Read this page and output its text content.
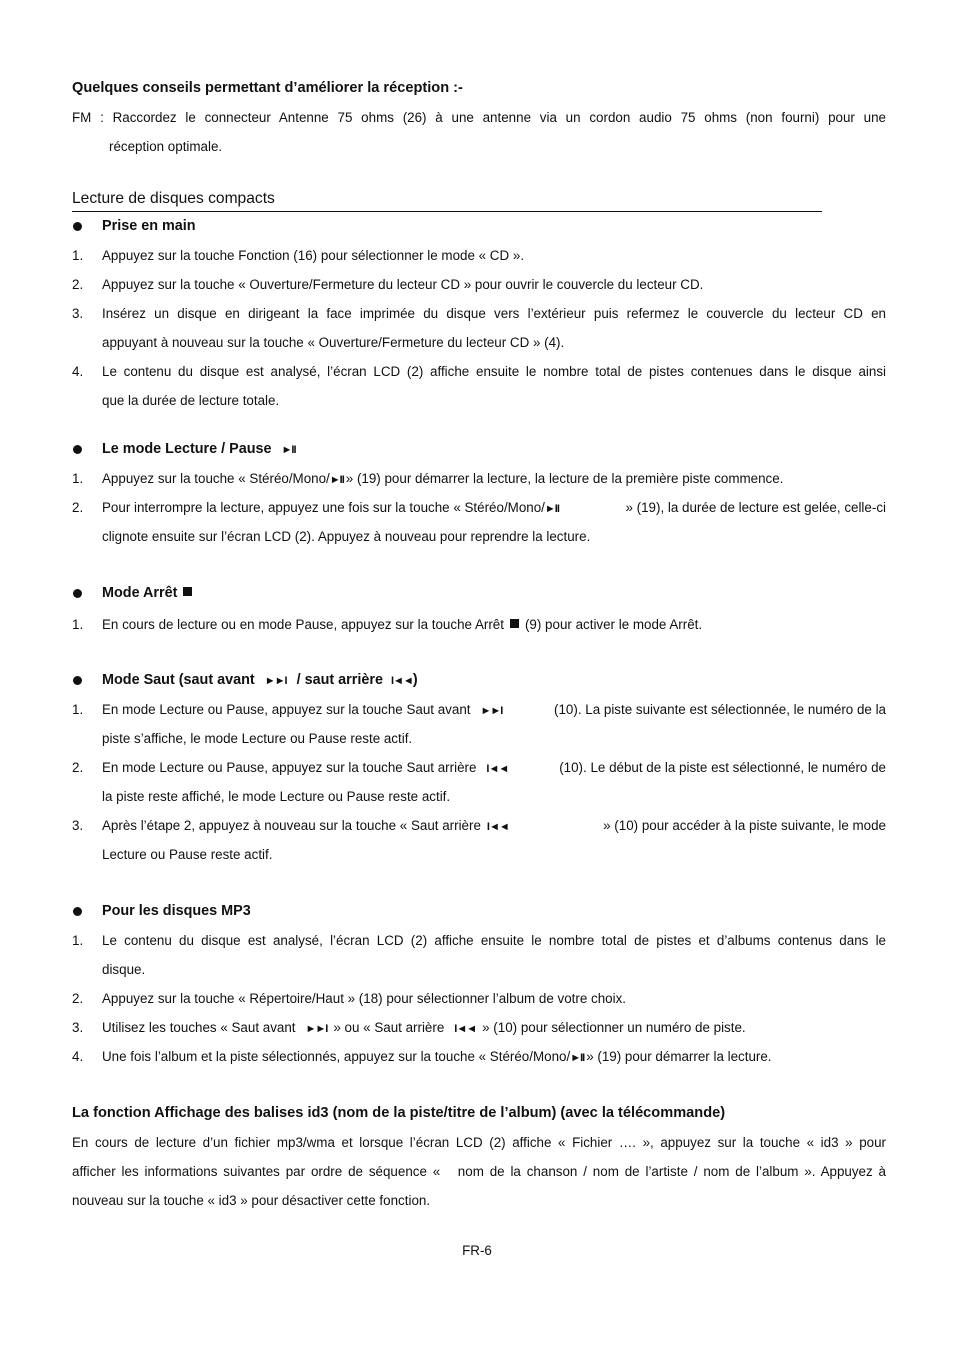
Quelques conseils permettant d’améliorer la réception :-
FM : Raccordez le connecteur Antenne 75 ohms (26) à une antenne via un cordon audio 75 ohms (non fourni) pour une
réception optimale.
Lecture de disques compacts
Prise en main
1. Appuyez sur la touche Fonction (16) pour sélectionner le mode « CD ».
2. Appuyez sur la touche « Ouverture/Fermeture du lecteur CD » pour ouvrir le couvercle du lecteur CD.
3. Insérez un disque en dirigeant la face imprimée du disque vers l’extérieur puis refermez le couvercle du lecteur CD en
appuyant à nouveau sur la touche « Ouverture/Fermeture du lecteur CD » (4).
4. Le contenu du disque est analysé, l’écran LCD (2) affiche ensuite le nombre total de pistes contenues dans le disque ainsi
que la durée de lecture totale.
Le mode Lecture / Pause ►II
1. Appuyez sur la touche « Stéréo/Mono/►II » (19) pour démarrer la lecture, la lecture de la première piste commence.
2. Pour interrompre la lecture, appuyez une fois sur la touche « Stéréo/Mono/►II	» (19), la durée de lecture est gelée, celle-ci
clignote ensuite sur l’écran LCD (2). Appuyez à nouveau pour reprendre la lecture.
Mode Arrêt
1. En cours de lecture ou en mode Pause, appuyez sur la touche Arrêt (9) pour activer le mode Arrêt.
Mode Saut (saut avant ►►I / saut arrière I◄◄)
1. En mode Lecture ou Pause, appuyez sur la touche Saut avant ►►I	(10). La piste suivante est sélectionnée, le numéro de la
piste s’affiche, le mode Lecture ou Pause reste actif.
2. En mode Lecture ou Pause, appuyez sur la touche Saut arrière I◄◄	(10). Le début de la piste est sélectionné, le numéro de
la piste reste affiché, le mode Lecture ou Pause reste actif.
3. Après l’étape 2, appuyez à nouveau sur la touche « Saut arrière I◄◄	» (10) pour accéder à la piste suivante, le mode
Lecture ou Pause reste actif.
Pour les disques MP3
1. Le contenu du disque est analysé, l’écran LCD (2) affiche ensuite le nombre total de pistes et d’albums contenus dans le
disque.
2. Appuyez sur la touche « Répertoire/Haut » (18) pour sélectionner l’album de votre choix.
3. Utilisez les touches « Saut avant ►►I » ou « Saut arrière I◄◄ » (10) pour sélectionner un numéro de piste.
4. Une fois l’album et la piste sélectionnés, appuyez sur la touche « Stéréo/Mono/►II » (19) pour démarrer la lecture.
La fonction Affichage des balises id3 (nom de la piste/titre de l’album) (avec la télécommande)
En cours de lecture d’un fichier mp3/wma et lorsque l’écran LCD (2) affiche « Fichier …. », appuyez sur la touche « id3 » pour
afficher les informations suivantes par ordre de séquence «   nom de la chanson / nom de l’artiste / nom de l’album ». Appuyez à
nouveau sur la touche « id3 » pour désactiver cette fonction.
FR-6
